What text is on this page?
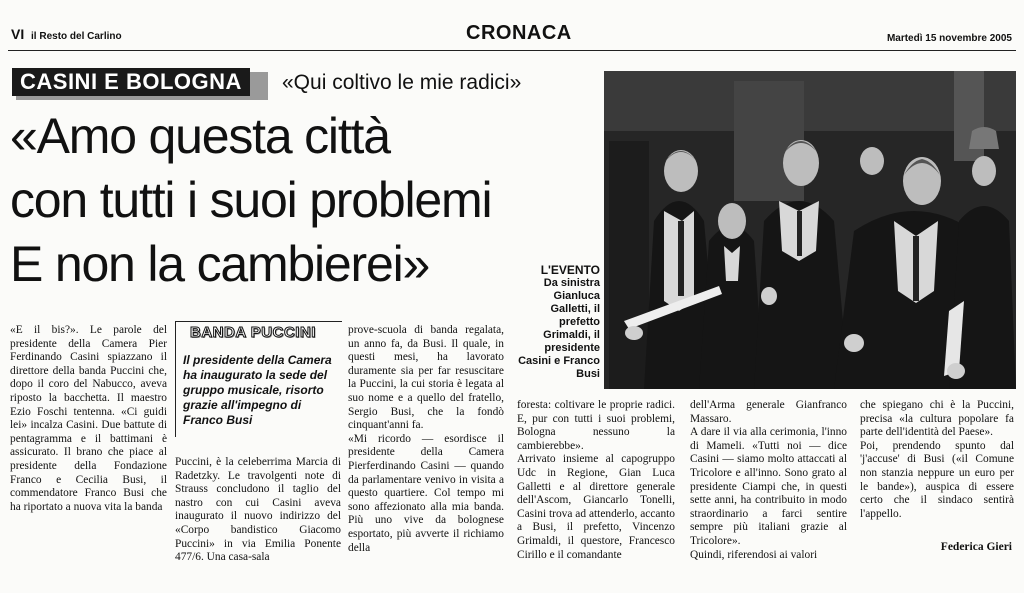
VI il Resto del Carlino	CRONACA	Martedì 15 novembre 2005
CASINI E BOLOGNA	«Qui coltivo le mie radici»
«Amo questa città
con tutti i suoi problemi
E non la cambierei»	L'EVENTO
Da sinistra Gianluca Galletti, il prefetto Grimaldi, il presidente Casini e Franco Busi
«E il bis?». Le parole del presidente della Camera Pier Ferdinando Casini spiazzano il direttore della banda Puccini che, dopo il coro del Nabucco, aveva riposto la bacchetta. Il maestro Ezio Foschi tentenna. «Ci guidi lei» incalza Casini. Due battute di pentagramma e il battimani è assicurato. Il brano che piace al presidente della Fondazione Franco e Cecilia Busi, il commendatore Franco Busi che ha riportato a nuova vita la banda
BANDA PUCCINI
Il presidente della Camera ha inaugurato la sede del gruppo musicale, risorto grazie all'impegno di Franco Busi
Puccini, è la celeberrima Marcia di Radetzky. Le travolgenti note di Strauss concludono il taglio del nastro con cui Casini aveva inaugurato il nuovo indirizzo del «Corpo bandistico Giacomo Puccini» in via Emilia Ponente 477/6. Una casa-sala
prove-scuola di banda regalata, un anno fa, da Busi. Il quale, in questi mesi, ha lavorato duramente sia per far resuscitare la Puccini, la cui storia è legata al suo nome e a quello del fratello, Sergio Busi, che la fondò cinquant'anni fa.
«Mi ricordo — esordisce il presidente della Camera Pierferdinando Casini — quando da parlamentare venivo in visita a questo quartiere. Col tempo mi sono affezionato alla mia banda. Più uno vive da bolognese esportato, più avverte il richiamo della
foresta: coltivare le proprie radici. E, pur con tutti i suoi problemi, Bologna nessuno la cambierebbe».
Arrivato insieme al capogruppo Udc in Regione, Gian Luca Galletti e al direttore generale dell'Ascom, Giancarlo Tonelli, Casini trova ad attenderlo, accanto a Busi, il prefetto, Vincenzo Grimaldi, il questore, Francesco Cirillo e il comandante
dell'Arma generale Gianfranco Massaro.
A dare il via alla cerimonia, l'inno di Mameli. «Tutti noi — dice Casini — siamo molto attaccati al Tricolore e all'inno. Sono grato al presidente Ciampi che, in questi sette anni, ha contribuito in modo straordinario a farci sentire sempre più italiani grazie al Tricolore».
Quindi, riferendosi ai valori
che spiegano chi è la Puccini, precisa «la cultura popolare fa parte dell'identità del Paese».
Poi, prendendo spunto dal 'j'accuse' di Busi («il Comune non stanzia neppure un euro per le bande»), auspica di essere certo che il sindaco sentirà l'appello.
Federica Gieri
